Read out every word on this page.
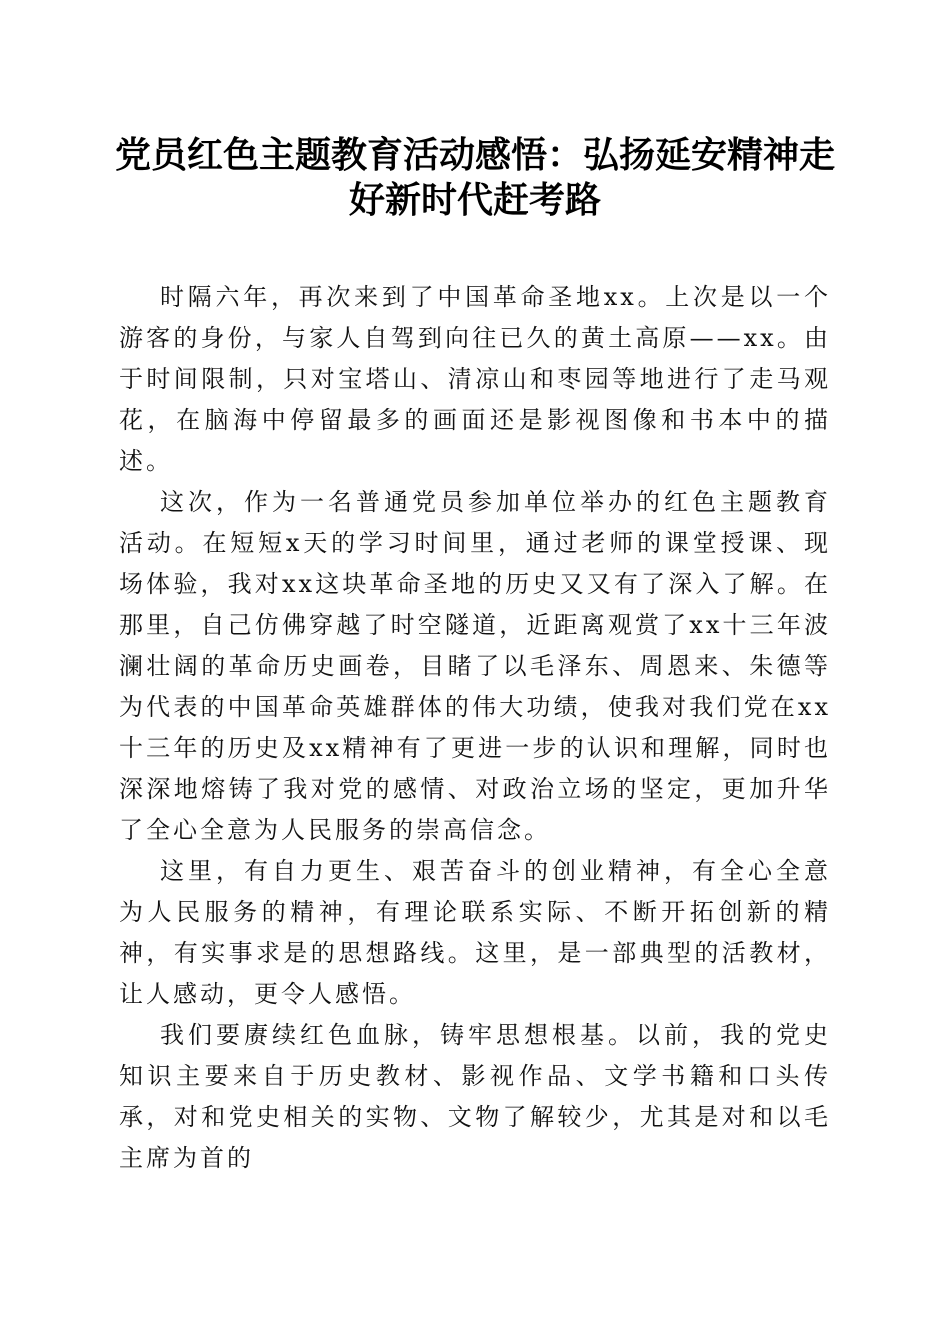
党员红色主题教育活动感悟：弘扬延安精神走好新时代赶考路

时隔六年，再次来到了中国革命圣地xx。上次是以一个游客的身份，与家人自驾到向往已久的黄土高原——xx。由于时间限制，只对宝塔山、清凉山和枣园等地进行了走马观花，在脑海中停留最多的画面还是影视图像和书本中的描述。

这次，作为一名普通党员参加单位举办的红色主题教育活动。在短短x天的学习时间里，通过老师的课堂授课、现场体验，我对xx这块革命圣地的历史又又有了深入了解。在那里，自己仿佛穿越了时空隧道，近距离观赏了xx十三年波澜壮阔的革命历史画卷，目睹了以毛泽东、周恩来、朱德等为代表的中国革命英雄群体的伟大功绩，使我对我们党在xx十三年的历史及xx精神有了更进一步的认识和理解，同时也深深地熔铸了我对党的感情、对政治立场的坚定，更加升华了全心全意为人民服务的崇高信念。

这里，有自力更生、艰苦奋斗的创业精神，有全心全意为人民服务的精神，有理论联系实际、不断开拓创新的精神，有实事求是的思想路线。这里，是一部典型的活教材，让人感动，更令人感悟。

我们要赓续红色血脉，铸牢思想根基。以前，我的党史知识主要来自于历史教材、影视作品、文学书籍和口头传承，对和党史相关的实物、文物了解较少，尤其是对和以毛主席为首的
